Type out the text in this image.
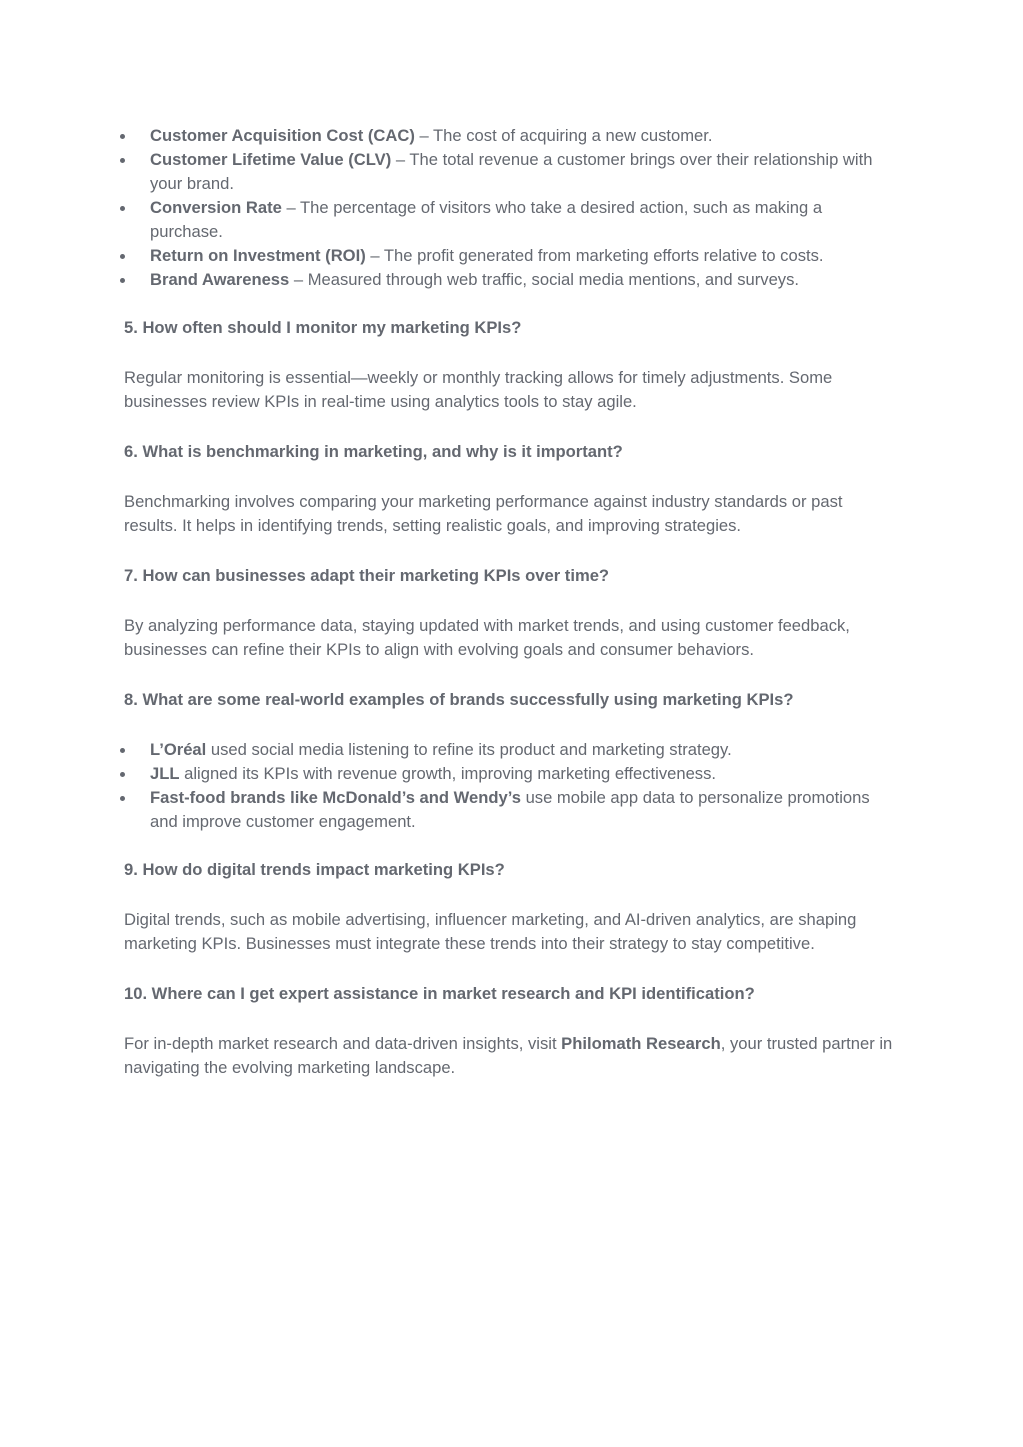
Customer Acquisition Cost (CAC) – The cost of acquiring a new customer.
Customer Lifetime Value (CLV) – The total revenue a customer brings over their relationship with your brand.
Conversion Rate – The percentage of visitors who take a desired action, such as making a purchase.
Return on Investment (ROI) – The profit generated from marketing efforts relative to costs.
Brand Awareness – Measured through web traffic, social media mentions, and surveys.

5. How often should I monitor my marketing KPIs?

Regular monitoring is essential—weekly or monthly tracking allows for timely adjustments. Some businesses review KPIs in real-time using analytics tools to stay agile.

6. What is benchmarking in marketing, and why is it important?

Benchmarking involves comparing your marketing performance against industry standards or past results. It helps in identifying trends, setting realistic goals, and improving strategies.

7. How can businesses adapt their marketing KPIs over time?

By analyzing performance data, staying updated with market trends, and using customer feedback, businesses can refine their KPIs to align with evolving goals and consumer behaviors.

8. What are some real-world examples of brands successfully using marketing KPIs?

L’Oréal used social media listening to refine its product and marketing strategy.
JLL aligned its KPIs with revenue growth, improving marketing effectiveness.
Fast-food brands like McDonald’s and Wendy’s use mobile app data to personalize promotions and improve customer engagement.

9. How do digital trends impact marketing KPIs?

Digital trends, such as mobile advertising, influencer marketing, and AI-driven analytics, are shaping marketing KPIs. Businesses must integrate these trends into their strategy to stay competitive.

10. Where can I get expert assistance in market research and KPI identification?

For in-depth market research and data-driven insights, visit Philomath Research, your trusted partner in navigating the evolving marketing landscape.
